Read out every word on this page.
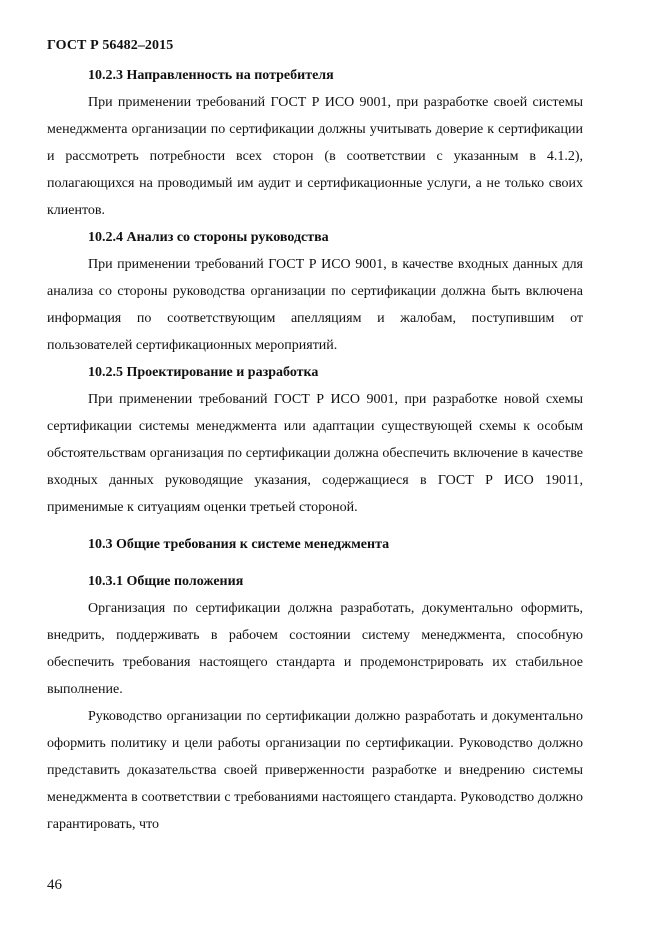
ГОСТ Р 56482–2015
10.2.3 Направленность на потребителя

При применении требований ГОСТ Р ИСО 9001, при разработке своей системы менеджмента организации по сертификации должны учитывать доверие к сертификации и рассмотреть потребности всех сторон (в соответствии с указанным в 4.1.2), полагающихся на проводимый им аудит и сертификационные услуги, а не только своих клиентов.

10.2.4 Анализ со стороны руководства

При применении требований ГОСТ Р ИСО 9001, в качестве входных данных для анализа со стороны руководства организации по сертификации должна быть включена информация по соответствующим апелляциям и жалобам, поступившим от пользователей сертификационных мероприятий.

10.2.5 Проектирование и разработка

При применении требований ГОСТ Р ИСО 9001, при разработке новой схемы сертификации системы менеджмента или адаптации существующей схемы к особым обстоятельствам организация по сертификации должна обеспечить включение в качестве входных данных руководящие указания, содержащиеся в ГОСТ Р ИСО 19011, применимые к ситуациям оценки третьей стороной.

10.3 Общие требования к системе менеджмента
10.3.1 Общие положения

Организация по сертификации должна разработать, документально оформить, внедрить, поддерживать в рабочем состоянии систему менеджмента, способную обеспечить требования настоящего стандарта и продемонстрировать их стабильное выполнение.

Руководство организации по сертификации должно разработать и документально оформить политику и цели работы организации по сертификации. Руководство должно представить доказательства своей приверженности разработке и внедрению системы менеджмента в соответствии с требованиями настоящего стандарта. Руководство должно гарантировать, что

46
